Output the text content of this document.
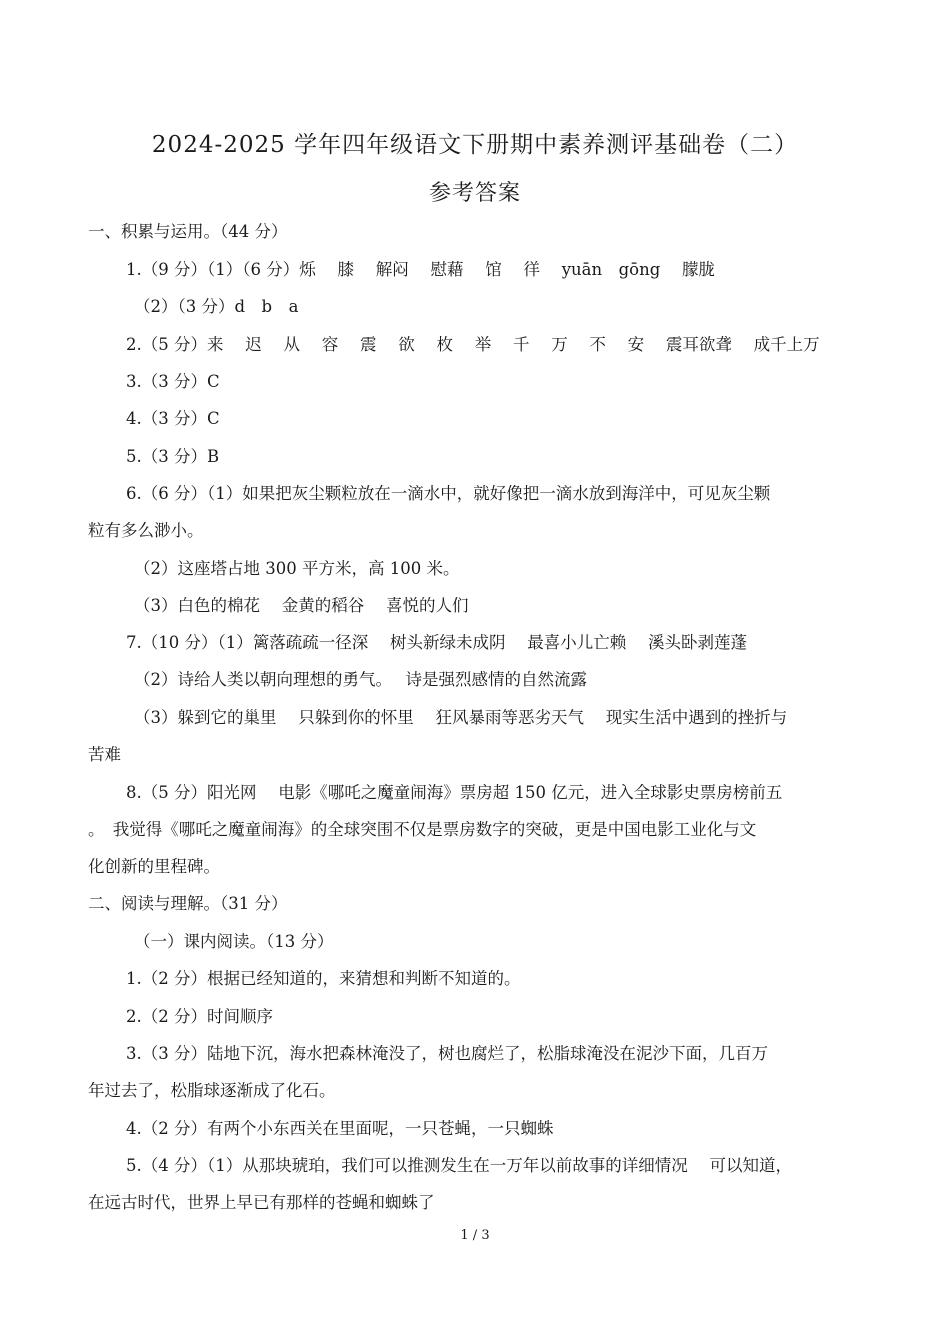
2024-2025 学年四年级语文下册期中素养测评基础卷（二）
参考答案
一、积累与运用。（44 分）
1.（9 分）（1）（6 分）烁　 膝　 解闷　 慰藉　 馆　 徉　 yuān　gōng　 朦胧
（2）（3 分）d　b　a
2.（5 分）来　 迟　 从　 容　 震　 欲　 枚　 举　 千　 万　 不　 安　 震耳欲聋　 成千上万
3.（3 分）C
4.（3 分）C
5.（3 分）B
6.（6 分）（1）如果把灰尘颗粒放在一滴水中，就好像把一滴水放到海洋中，可见灰尘颗
粒有多么渺小。
（2）这座塔占地 300 平方米，高 100 米。
（3）白色的棉花　 金黄的稻谷　 喜悦的人们
7.（10 分）（1）篱落疏疏一径深　 树头新绿未成阴　 最喜小儿亡赖　 溪头卧剥莲蓬
（2）诗给人类以朝向理想的勇气。　 诗是强烈感情的自然流露
（3）躲到它的巢里　 只躲到你的怀里　 狂风暴雨等恶劣天气　 现实生活中遇到的挫折与
苦难
8.（5 分）阳光网　 电影《哪吒之魔童闹海》票房超 150 亿元，进入全球影史票房榜前五
。　我觉得《哪吒之魔童闹海》的全球突围不仅是票房数字的突破，更是中国电影工业化与文
化创新的里程碑。
二、阅读与理解。（31 分）
（一）课内阅读。（13 分）
1.（2 分）根据已经知道的，来猜想和判断不知道的。
2.（2 分）时间顺序
3.（3 分）陆地下沉，海水把森林淹没了，树也腐烂了，松脂球淹没在泥沙下面，几百万
年过去了，松脂球逐渐成了化石。
4.（2 分）有两个小东西关在里面呢，一只苍蝇，一只蜘蛛
5.（4 分）（1）从那块琥珀，我们可以推测发生在一万年以前故事的详细情况　 可以知道，
在远古时代，世界上早已有那样的苍蝇和蜘蛛了
1 / 3
